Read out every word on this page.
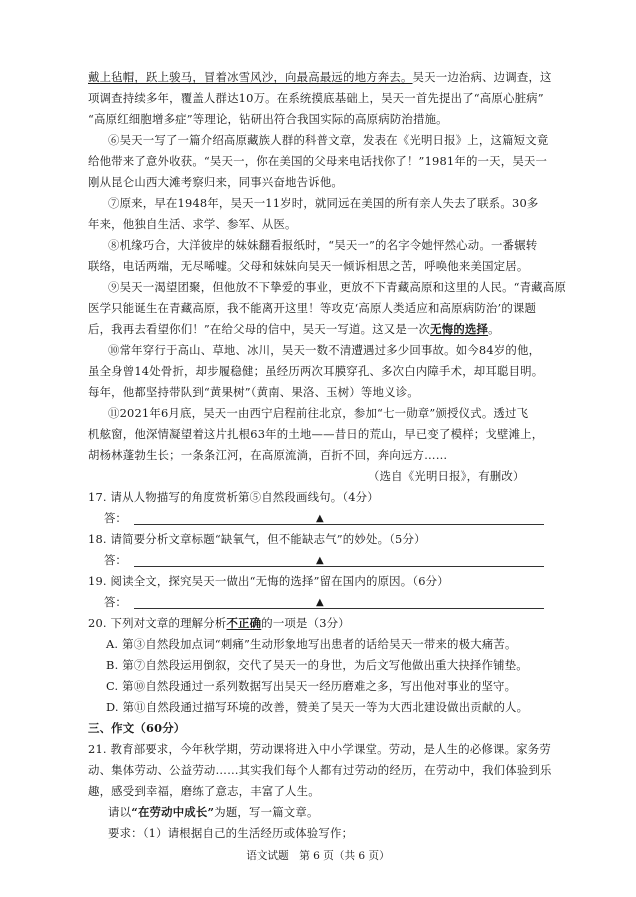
戴上毡帽，跃上骏马，冒着冰雪风沙，向最高最远的地方奔去。吴天一边治病、边调查，这
项调查持续多年，覆盖人群达10万。在系统摸底基础上，吴天一首先提出了“高原心脏病”
“高原红细胞增多症”等理论，钻研出符合我国实际的高原病防治措施。
⑥吴天一写了一篇介绍高原藏族人群的科普文章，发表在《光明日报》上，这篇短文竟
给他带来了意外收获。“吴天一，你在美国的父母来电话找你了！”1981年的一天，吴天一
刚从昆仑山西大滩考察归来，同事兴奋地告诉他。
⑦原来，早在1948年，吴天一11岁时，就同远在美国的所有亲人失去了联系。30多
年来，他独自生活、求学、参军、从医。
⑧机缘巧合，大洋彼岸的妹妹翻看报纸时，“吴天一”的名字令她怦然心动。一番辗转
联络，电话两端，无尽唏嘘。父母和妹妹向吴天一倾诉相思之苦，呼唤他来美国定居。
⑨吴天一渴望团聚，但他放不下挚爱的事业，更放不下青藏高原和这里的人民。“青藏高原
医学只能诞生在青藏高原，我不能离开这里！等攻克‘高原人类适应和高原病防治’的课题
后，我再去看望你们！”在给父母的信中，吴天一写道。这又是一次无悔的选择。
⑩常年穿行于高山、草地、冰川，吴天一数不清遭遇过多少回事故。如今84岁的他，
虽全身曾14处骨折，却步履稳健；虽经历两次耳膜穿孔、多次白内障手术，却耳聪目明。
每年，他都坚持带队到“黄果树”（黄南、果洛、玉树）等地义诊。
⑪2021年6月底，吴天一由西宁启程前往北京，参加“七一勋章”颁授仪式。透过飞
机舷窗，他深情凝望着这片扎根63年的土地——昔日的荒山，早已变了模样；戈壁滩上，
胡杨林蓬勃生长；一条条江河，在高原流淌，百折不回，奔向远方……
（选自《光明日报》，有删改）
17. 请从人物描写的角度赏析第⑤自然段画线句。（4分）
答：	▲
18. 请简要分析文章标题“缺氧气，但不能缺志气”的妙处。（5分）
答：	▲
19. 阅读全文，探究吴天一做出“无悔的选择”留在国内的原因。（6分）
答：	▲
20. 下列对文章的理解分析不正确的一项是（3分）
A. 第③自然段加点词“刺痛”生动形象地写出患者的话给吴天一带来的极大痛苦。
B. 第⑦自然段运用倒叙，交代了吴天一的身世，为后文写他做出重大抉择作铺垫。
C. 第⑩自然段通过一系列数据写出吴天一经历磨难之多，写出他对事业的坚守。
D. 第⑪自然段通过描写环境的改善，赞美了吴天一等为大西北建设做出贡献的人。
三、作文（60分）
21. 教育部要求，今年秋学期，劳动课将进入中小学课堂。劳动，是人生的必修课。家务劳
动、集体劳动、公益劳动……其实我们每个人都有过劳动的经历，在劳动中，我们体验到乐
趣，感受到幸福，磨练了意志，丰富了人生。
请以“在劳动中成长”为题，写一篇文章。
要求：（1）请根据自己的生活经历或体验写作；
语文试题　第 6 页（共 6 页）
